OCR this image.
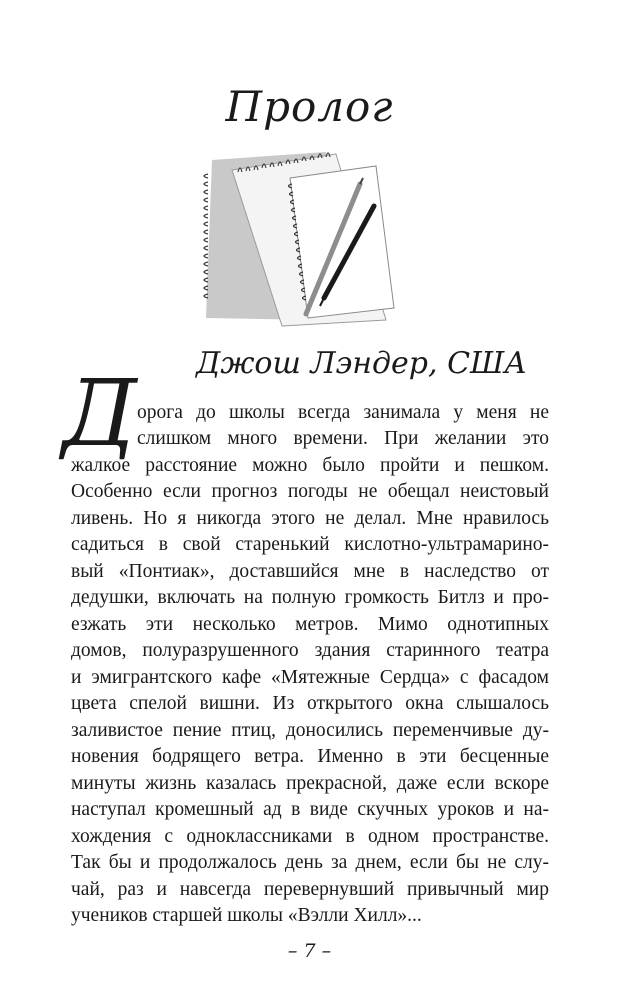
Пролог
Джош Лэндер, США
Д орога до школы всегда занимала у меня не
слишком много времени. При желании это
жалкое расстояние можно было пройти и пешком.
Особенно если прогноз погоды не обещал неистовый
ливень. Но я никогда этого не делал. Мне нравилось
садиться в свой старенький кислотно-ультрамарино-
вый «Понтиак», доставшийся мне в наследство от
дедушки, включать на полную громкость Битлз и про-
езжать эти несколько метров. Мимо однотипных
домов, полуразрушенного здания старинного театра
и эмигрантского кафе «Мятежные Сердца» с фасадом
цвета спелой вишни. Из открытого окна слышалось
заливистое пение птиц, доносились переменчивые ду-
новения бодрящего ветра. Именно в эти бесценные
минуты жизнь казалась прекрасной, даже если вскоре
наступал кромешный ад в виде скучных уроков и на-
хождения с одноклассниками в одном пространстве.
Так бы и продолжалось день за днем, если бы не слу-
чай, раз и навсегда перевернувший привычный мир
учеников старшей школы «Вэлли Хилл»...
– 7 –
